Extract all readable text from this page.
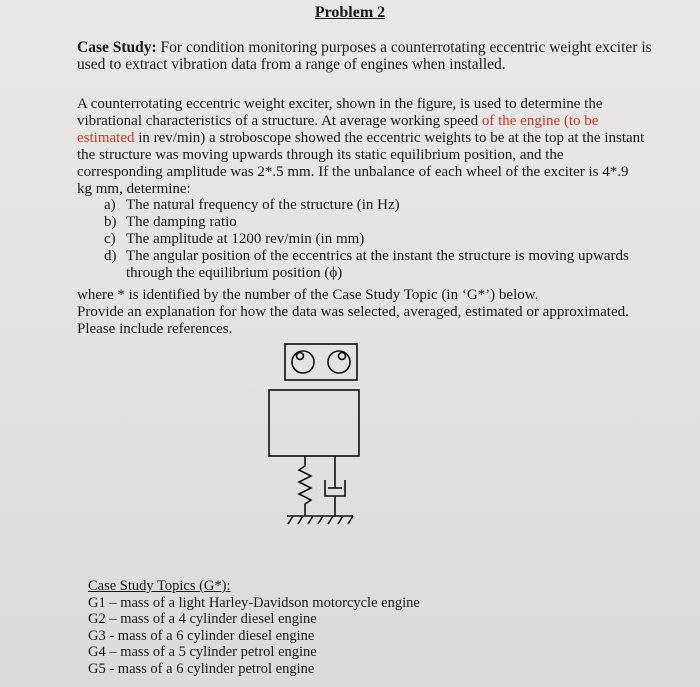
Problem 2
Case Study: For condition monitoring purposes a counterrotating eccentric weight exciter is used to extract vibration data from a range of engines when installed.
A counterrotating eccentric weight exciter, shown in the figure, is used to determine the vibrational characteristics of a structure. At average working speed of the engine (to be estimated in rev/min) a stroboscope showed the eccentric weights to be at the top at the instant the structure was moving upwards through its static equilibrium position, and the corresponding amplitude was 2*.5 mm. If the unbalance of each wheel of the exciter is 4*.9 kg mm, determine:
a) The natural frequency of the structure (in Hz)
b) The damping ratio
c) The amplitude at 1200 rev/min (in mm)
d) The angular position of the eccentrics at the instant the structure is moving upwards through the equilibrium position (ϕ)
where * is identified by the number of the Case Study Topic (in ‘G*’) below.
Provide an explanation for how the data was selected, averaged, estimated or approximated.
Please include references.
Case Study Topics (G*):
G1 – mass of a light Harley-Davidson motorcycle engine
G2 – mass of a 4 cylinder diesel engine
G3 - mass of a 6 cylinder diesel engine
G4 – mass of a 5 cylinder petrol engine
G5 - mass of a 6 cylinder petrol engine
